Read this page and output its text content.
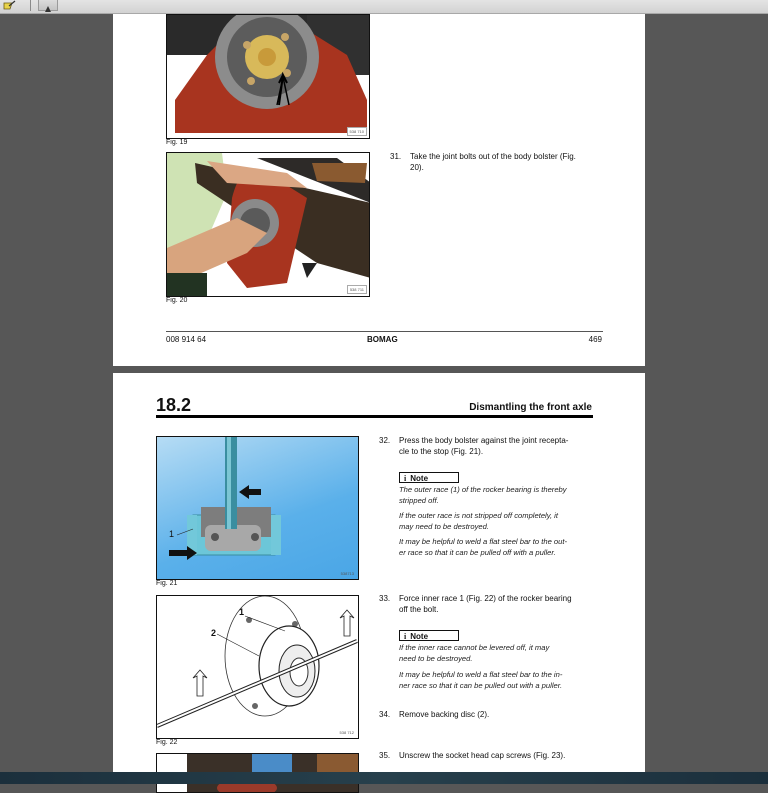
538 710
Fig. 19
538 711
Fig. 20
31. Take the joint bolts out of the body bolster (Fig.
20).
008 914 64	BOMAG	469
18.2	Dismantling the front axle
1
538713
Fig. 21
1
2
538 712
Fig. 22
32. Press the body bolster against the joint recepta-
cle to the stop (Fig. 21).
i Note
The outer race (1) of the rocker bearing is thereby
stripped off.
If the outer race is not stripped off completely, it
may need to be destroyed.
It may be helpful to weld a flat steel bar to the out-
er race so that it can be pulled off with a puller.
33. Force inner race 1 (Fig. 22) of the rocker bearing
off the bolt.
i Note
If the inner race cannot be levered off, it may
need to be destroyed.
It may be helpful to weld a flat steel bar to the in-
ner race so that it can be pulled out with a puller.
34. Remove backing disc (2).
35. Unscrew the socket head cap screws (Fig. 23).
